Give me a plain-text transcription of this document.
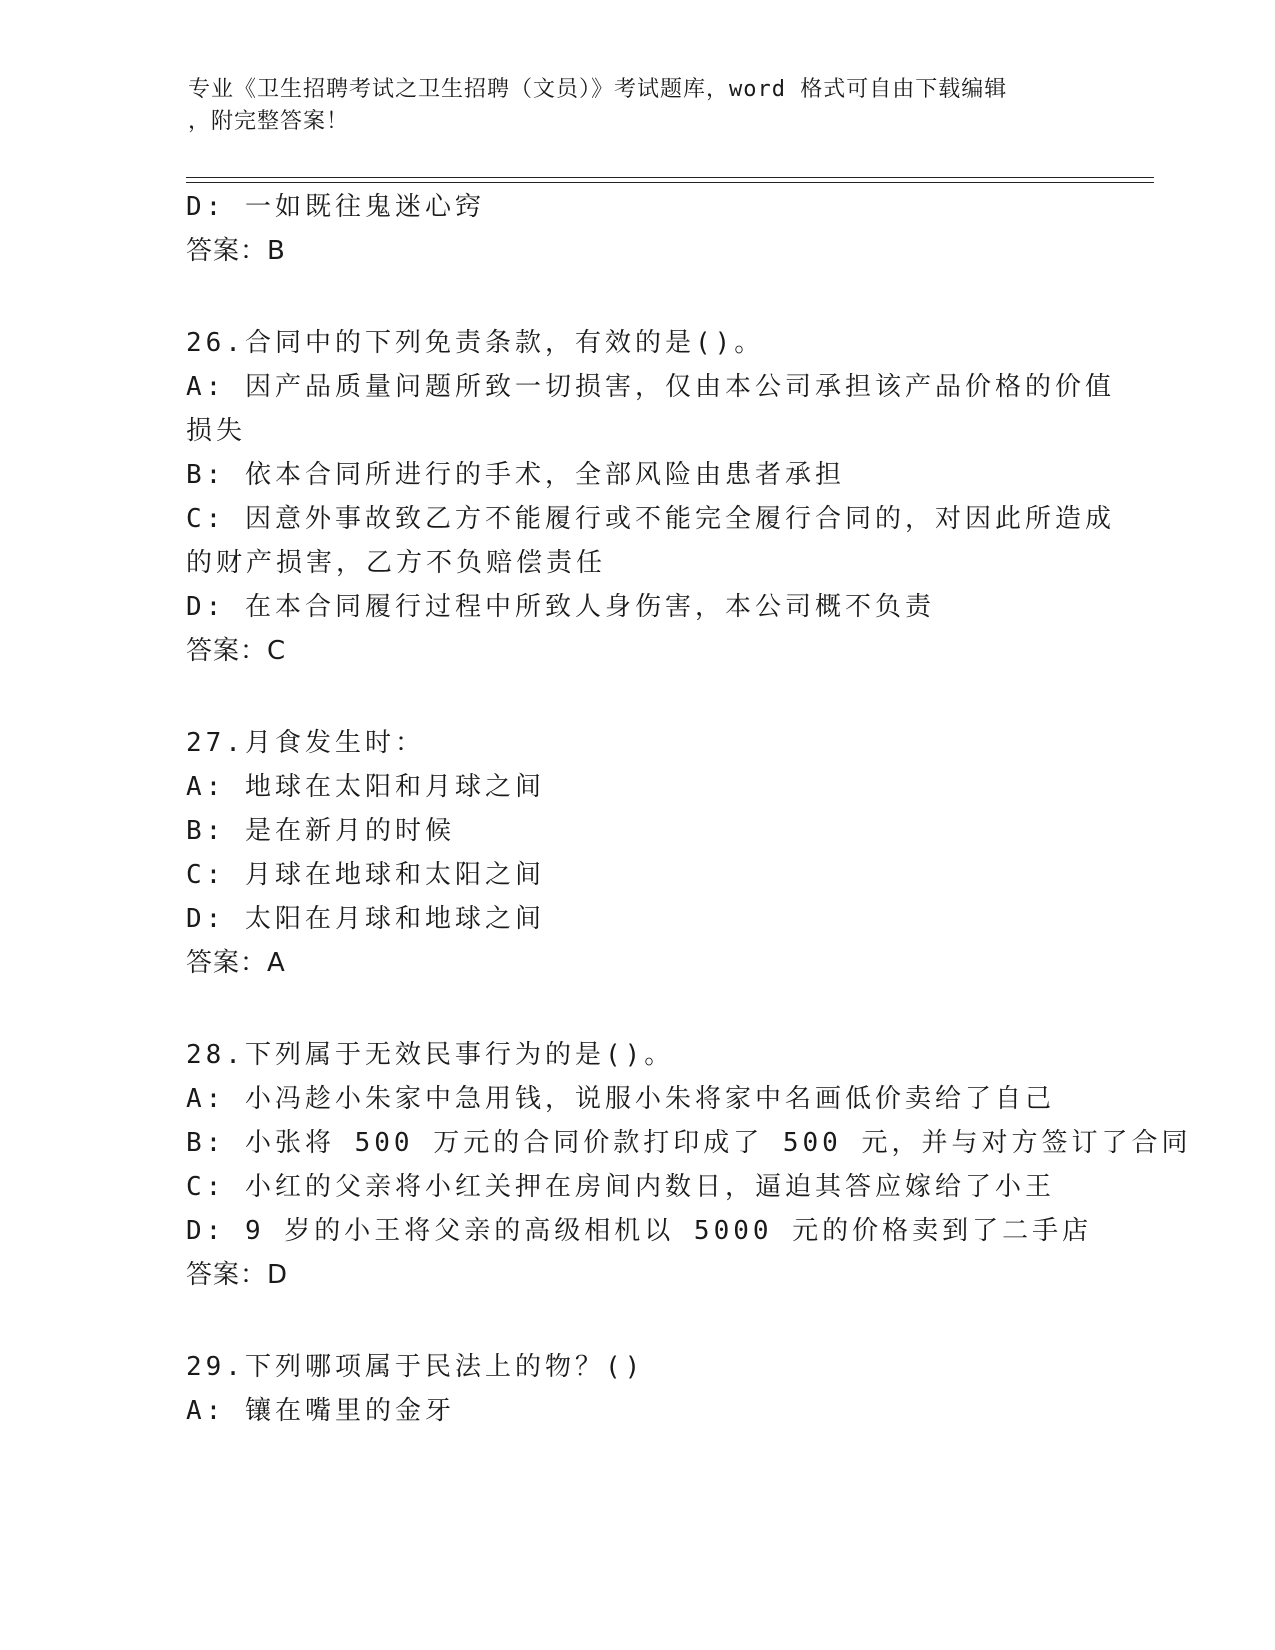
专业《卫生招聘考试之卫生招聘（文员）》考试题库，word 格式可自由下载编辑
，附完整答案！
D: 一如既往鬼迷心窍
答案：B
26.合同中的下列免责条款，有效的是()。
A: 因产品质量问题所致一切损害，仅由本公司承担该产品价格的价值
损失
B: 依本合同所进行的手术，全部风险由患者承担
C: 因意外事故致乙方不能履行或不能完全履行合同的，对因此所造成
的财产损害，乙方不负赔偿责任
D: 在本合同履行过程中所致人身伤害，本公司概不负责
答案：C
27.月食发生时：
A: 地球在太阳和月球之间
B: 是在新月的时候
C: 月球在地球和太阳之间
D: 太阳在月球和地球之间
答案：A
28.下列属于无效民事行为的是()。
A: 小冯趁小朱家中急用钱，说服小朱将家中名画低价卖给了自己
B: 小张将 500 万元的合同价款打印成了 500 元，并与对方签订了合同
C: 小红的父亲将小红关押在房间内数日，逼迫其答应嫁给了小王
D: 9 岁的小王将父亲的高级相机以 5000 元的价格卖到了二手店
答案：D
29.下列哪项属于民法上的物？()
A: 镶在嘴里的金牙
